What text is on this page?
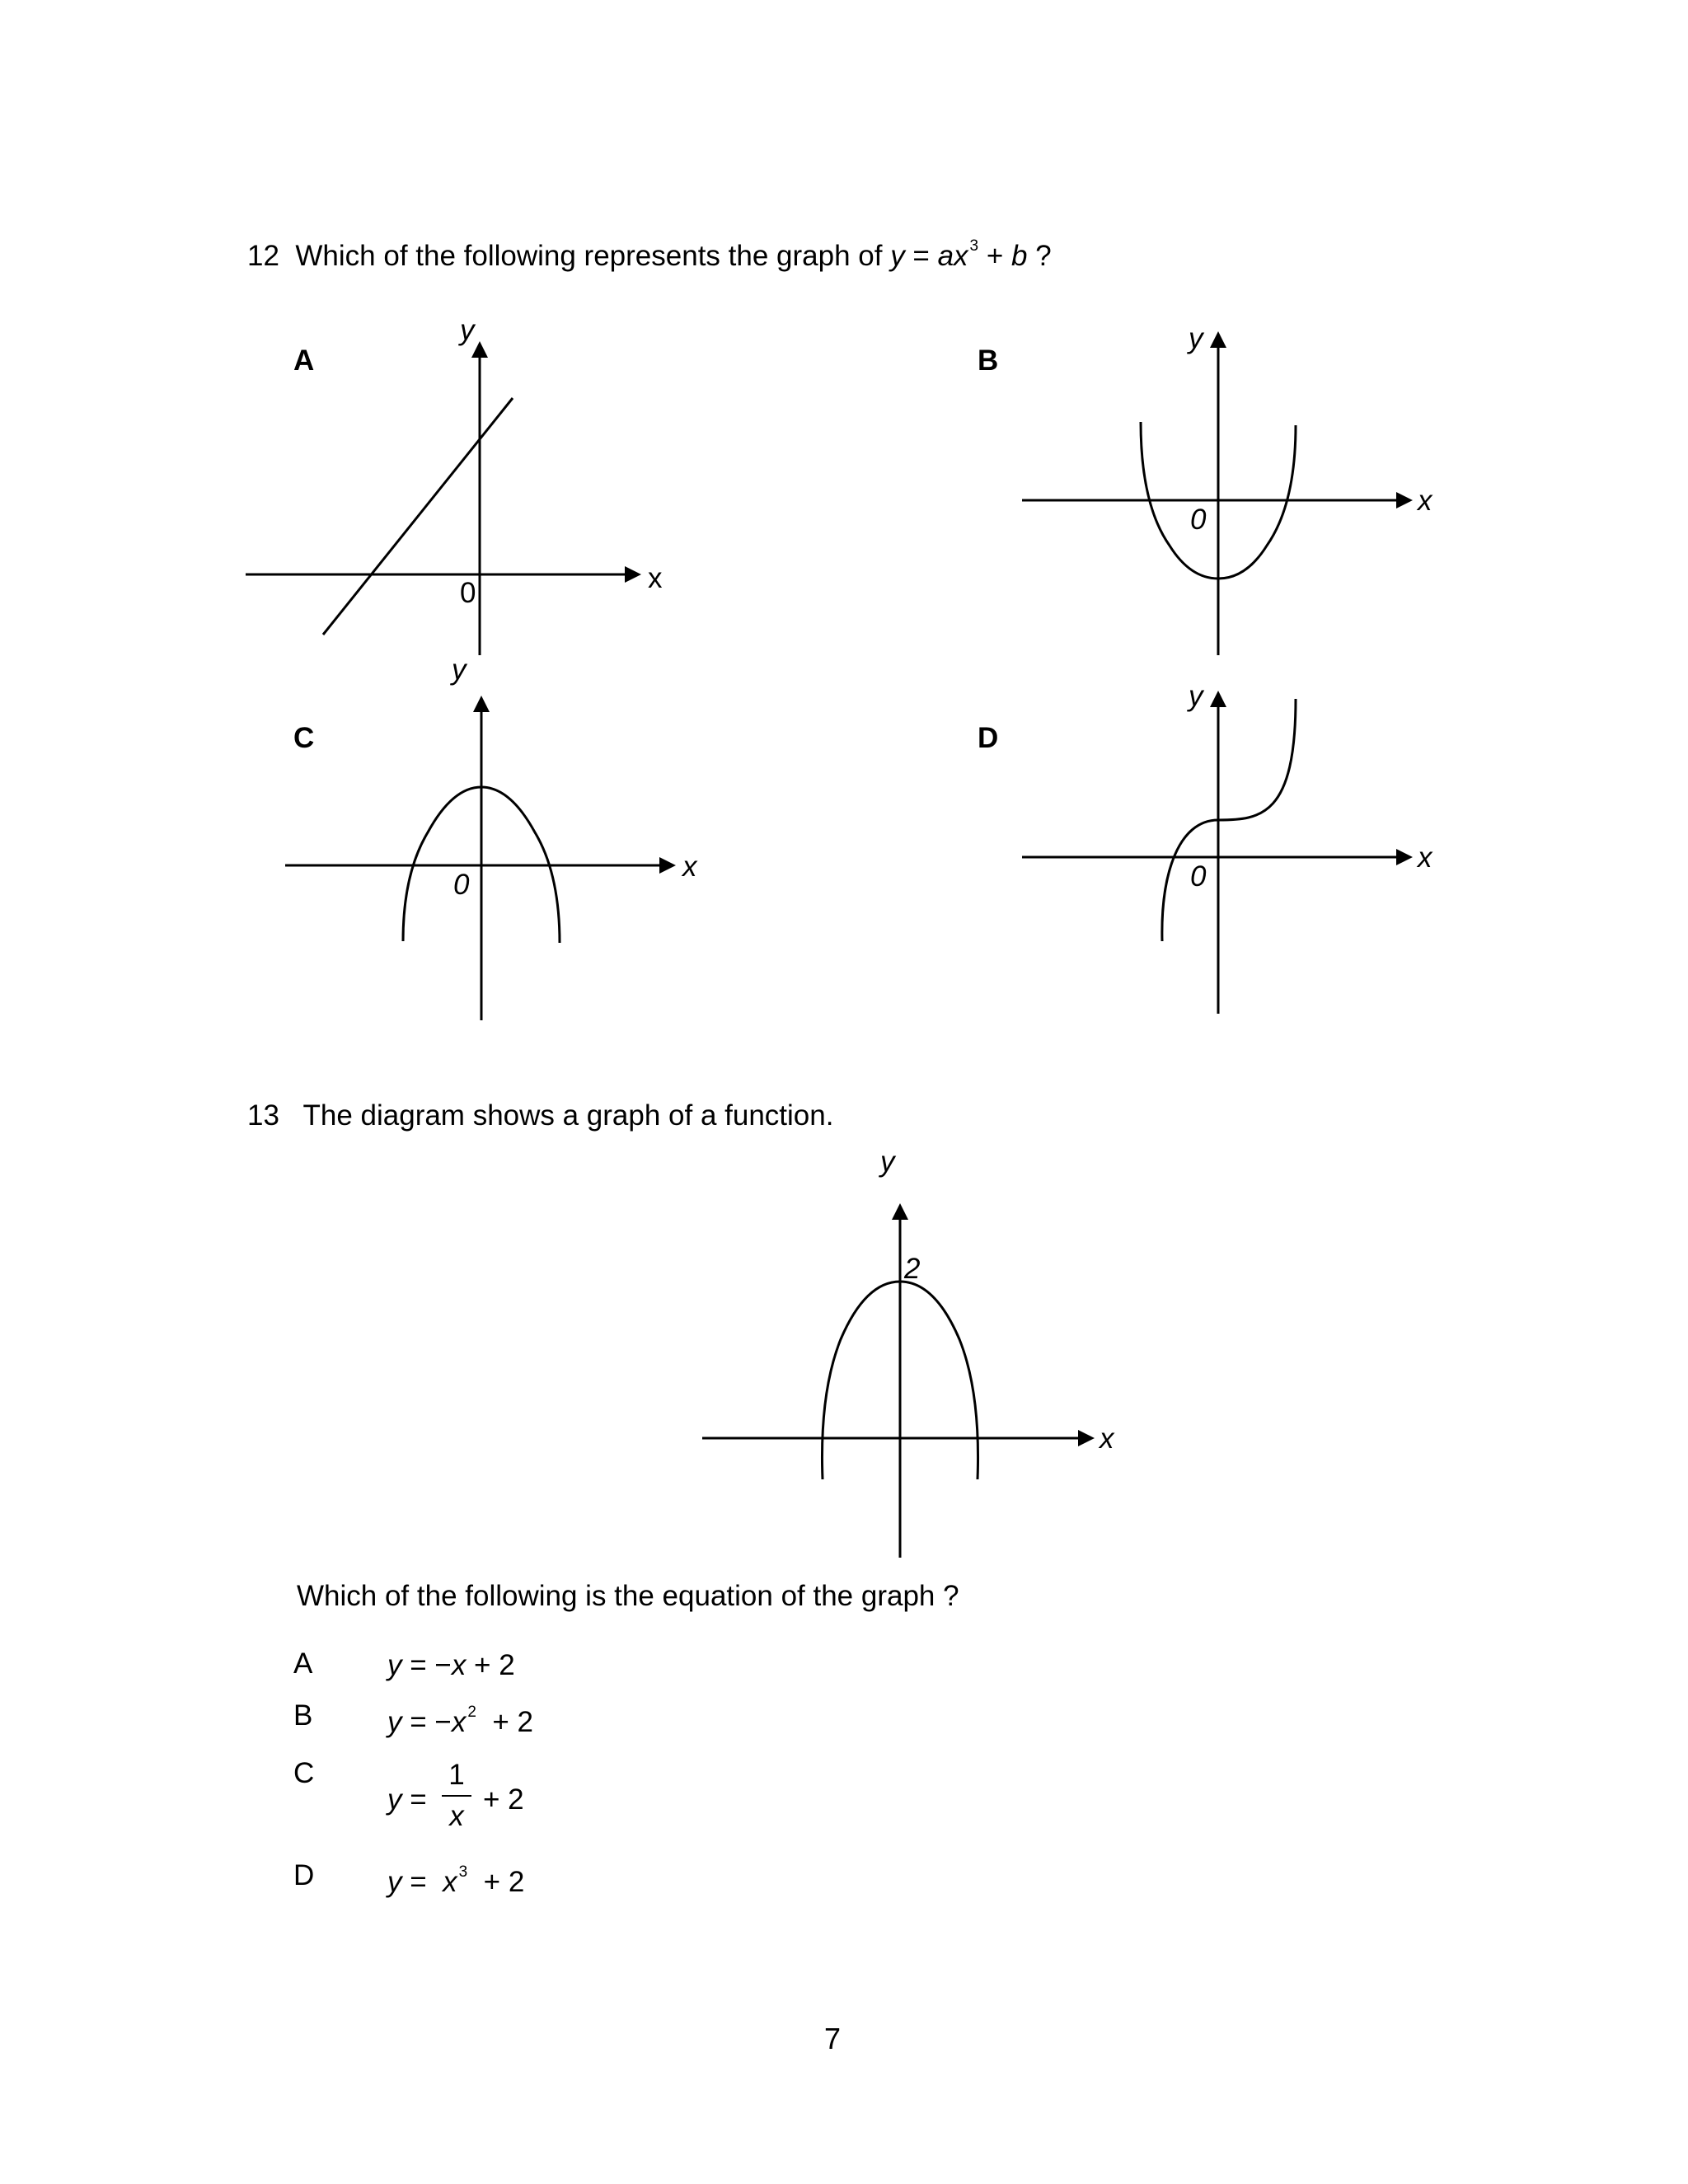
12 Which of the following represents the graph of y = ax $^3$ + b ?
A
x
y
0
B
x
y
0
y
C
x
0
D
x
y
0
13 The diagram shows a graph of a function.
y
2
x
Which of the following is the equation of the graph ?
A	y = −x + 2
B	y = −x $^2$  + 2
C
y =
1
x
+ 2
D	y =  x $^3$  + 2
7
